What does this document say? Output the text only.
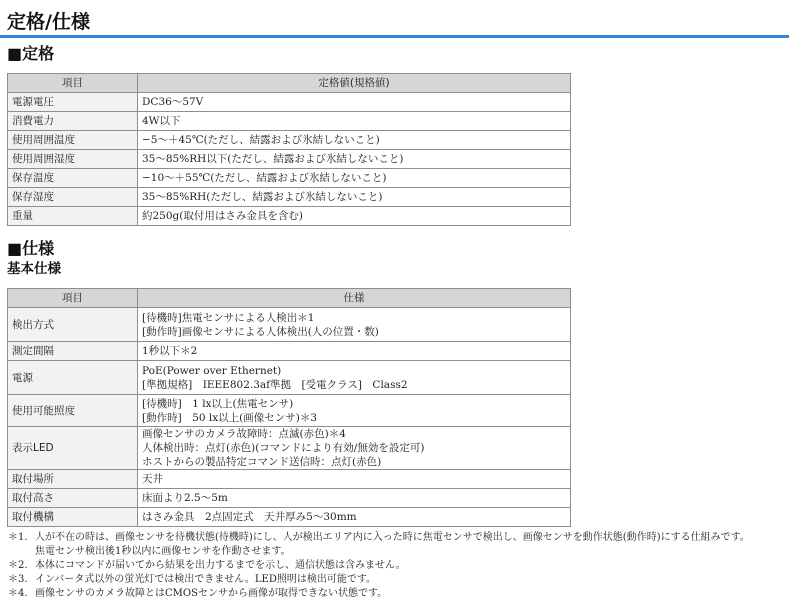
定格/仕様
■定格
項目	定格値(規格値)
電源電圧	DC36～57V

消費電力	4W以下

使用周囲温度	−5～＋45℃(ただし、結露および氷結しないこと)

使用周囲湿度	35～85%RH以下(ただし、結露および氷結しないこと)

保存温度	−10～＋55℃(ただし、結露および氷結しないこと)

保存湿度	35～85%RH(ただし、結露および氷結しないこと)

重量	約250g(取付用はさみ金具を含む)
■仕様
基本仕様
項目	仕様
検出方式	[待機時]焦電センサによる人検出＊1
[動作時]画像センサによる人体検出(人の位置・数)

測定間隔	1秒以下＊2

電源	PoE(Power over Ethernet)
[準拠規格]　IEEE802.3af準拠　[受電クラス]　Class2

使用可能照度	[待機時]　1 lx以上(焦電センサ)
[動作時]　50 lx以上(画像センサ)＊3

表示LED	画像センサのカメラ故障時：点滅(赤色)＊4
人体検出時：点灯(赤色)(コマンドにより有効/無効を設定可)
ホストからの製品特定コマンド送信時：点灯(赤色)

取付場所	天井

取付高さ	床面より2.5～5m

取付機構	はさみ金具　2点固定式　天井厚み5～30mm
＊1. 人が不在の時は、画像センサを待機状態(待機時)にし、人が検出エリア内に入った時に焦電センサで検出し、画像センサを動作状態(動作時)にする仕組みです。
焦電センサ検出後1秒以内に画像センサを作動させます。
＊2. 本体にコマンドが届いてから結果を出力するまでを示し、通信状態は含みません。
＊3. インバータ式以外の蛍光灯では検出できません。LED照明は検出可能です。
＊4. 画像センサのカメラ故障とはCMOSセンサから画像が取得できない状態です。
